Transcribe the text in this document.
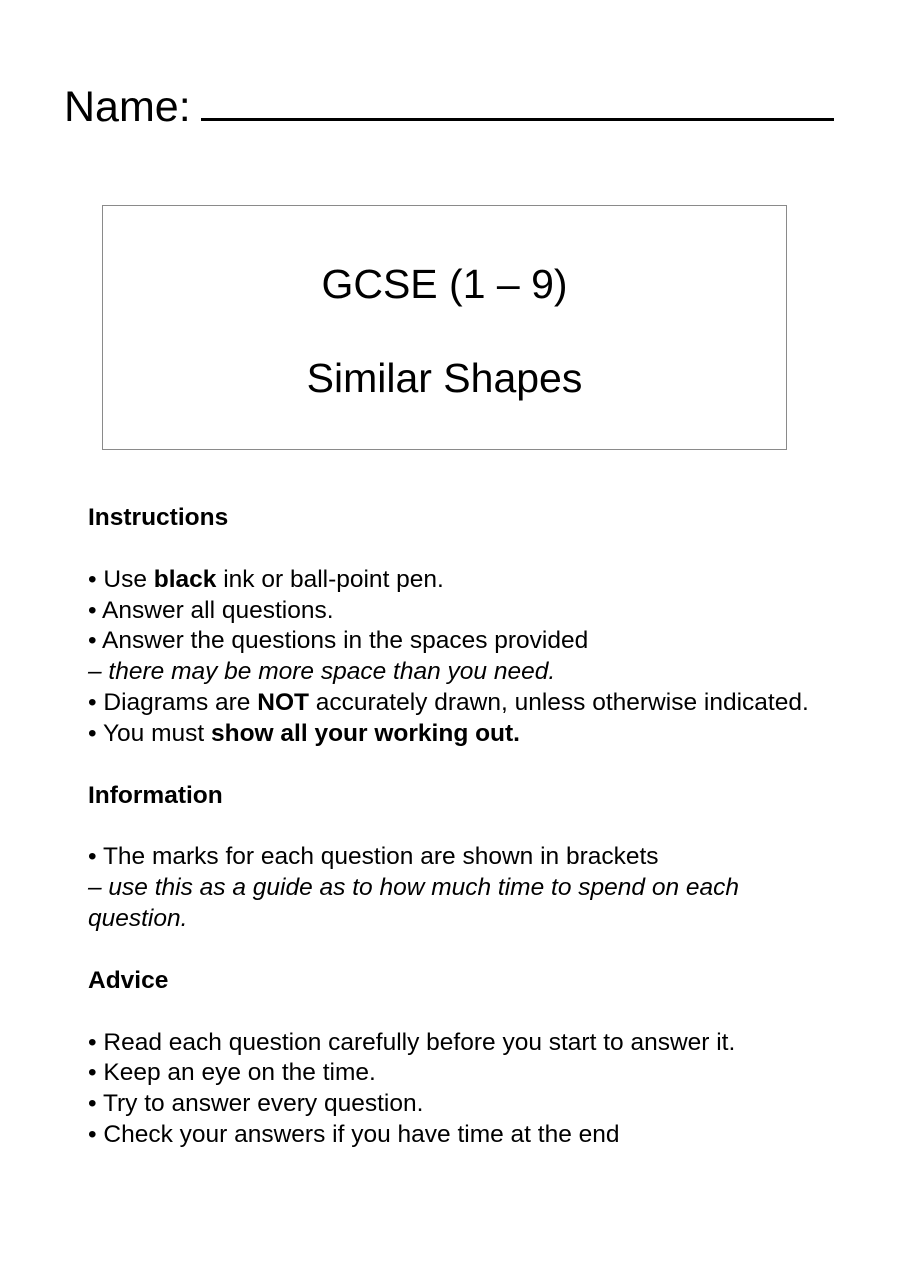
Name:
GCSE (1 – 9)
Similar Shapes

Instructions

• Use black ink or ball-point pen.

• Answer all questions.

• Answer the questions in the spaces provided

– there may be more space than you need.

• Diagrams are NOT accurately drawn, unless otherwise indicated.

• You must show all your working out.

Information

• The marks for each question are shown in brackets

– use this as a guide as to how much time to spend on each question.

Advice

• Read each question carefully before you start to answer it.

• Keep an eye on the time.

• Try to answer every question.

• Check your answers if you have time at the end
